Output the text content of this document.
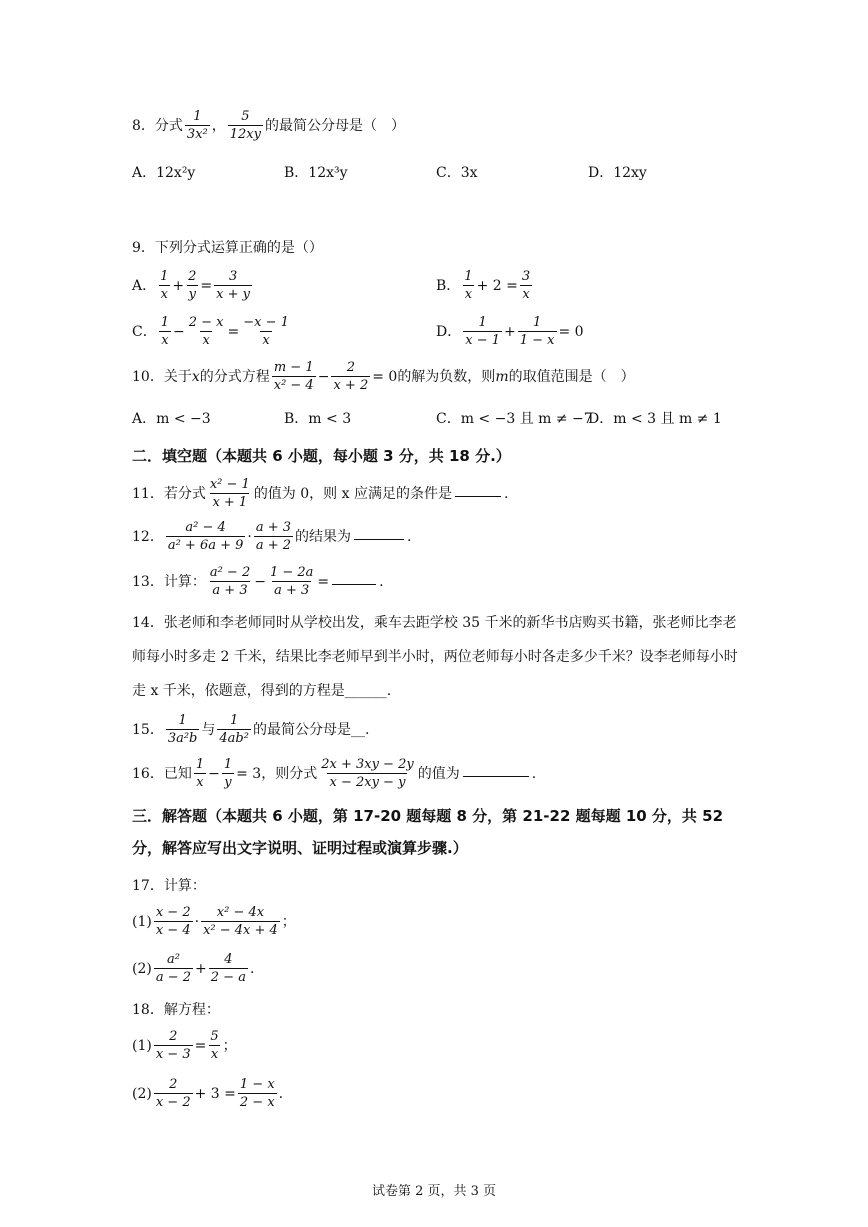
8． 分式 $\frac{1}{\text{3x²}}$ ， $\frac{5}{12xy}$ 的最简公分母是（　）
A．12x²y	B．12x³y	C．3x	D．12xy
9．下列分式运算正确的是（）
A． $\frac{1}{x} + \frac{2}{y} = \frac{3}{x + y}$	B． $\frac{1}{x} + 2 = \frac{3}{x}$
C． $\frac{1}{x} - \frac{2 - x}{x} = \frac{-x - 1}{x}$	D． $\frac{1}{x - 1} + \frac{1}{1 - x} = 0$
10．关于 x 的分式方程 $\frac{m - 1}{\text{x² − 4}} - \frac{2}{x + 2} = 0$ 的解为负数，则 m 的取值范围是（　）
A．m < −3	B．m < 3	C．m < −3 且 m ≠ −7
D．m < 3 且 m ≠ 1
二．填空题（本题共 6 小题，每小题 3 分，共 18 分.）
11．若分式 $\frac{\text{x² − 1}}{x + 1}$ 的值为 0，则 x 应满足的条件是	.
12． $\frac{\text{a² − 4}}{\text{a² + 6a + 9}} \cdot \frac{a + 3}{a + 2}$ 的结果为	.
13．计算： $\frac{\text{a² − 2}}{a + 3} - \frac{1 - 2a}{a + 3}$ =	.
14．张老师和李老师同时从学校出发，乘车去距学校 35 千米的新华书店购买书籍，张老师比李老师每小时多走 2 千米，结果比李老师早到半小时，两位老师每小时各走多少千米？设李老师每小时走 x 千米，依题意，得到的方程是______.
15． $\frac{1}{\text{3a²b}}$ 与 $\frac{1}{\text{4ab²}}$ 的最简公分母是__.
16．已知 $\frac{1}{x} - \frac{1}{y} = 3$ ，则分式 $\frac{2x + 3xy - 2y}{x - 2xy - y}$ 的值为	.
三．解答题（本题共 6 小题，第 17-20 题每题 8 分，第 21-22 题每题 10 分，共 52 分，解答应写出文字说明、证明过程或演算步骤.）
17．计算：
$(1) \frac{x - 2}{x - 4} \cdot \frac{\text{x² − 4x}}{\text{x² − 4x + 4}}$ ；
$(2) \frac{\text{a²}}{a - 2} + \frac{4}{2 - a}$ .
18．解方程：
$(1) \frac{2}{x - 3} = \frac{5}{x}$ ；
$(2) \frac{2}{x - 2} + 3 = \frac{1 - x}{2 - x}$ .
试卷第 2 页，共 3 页
